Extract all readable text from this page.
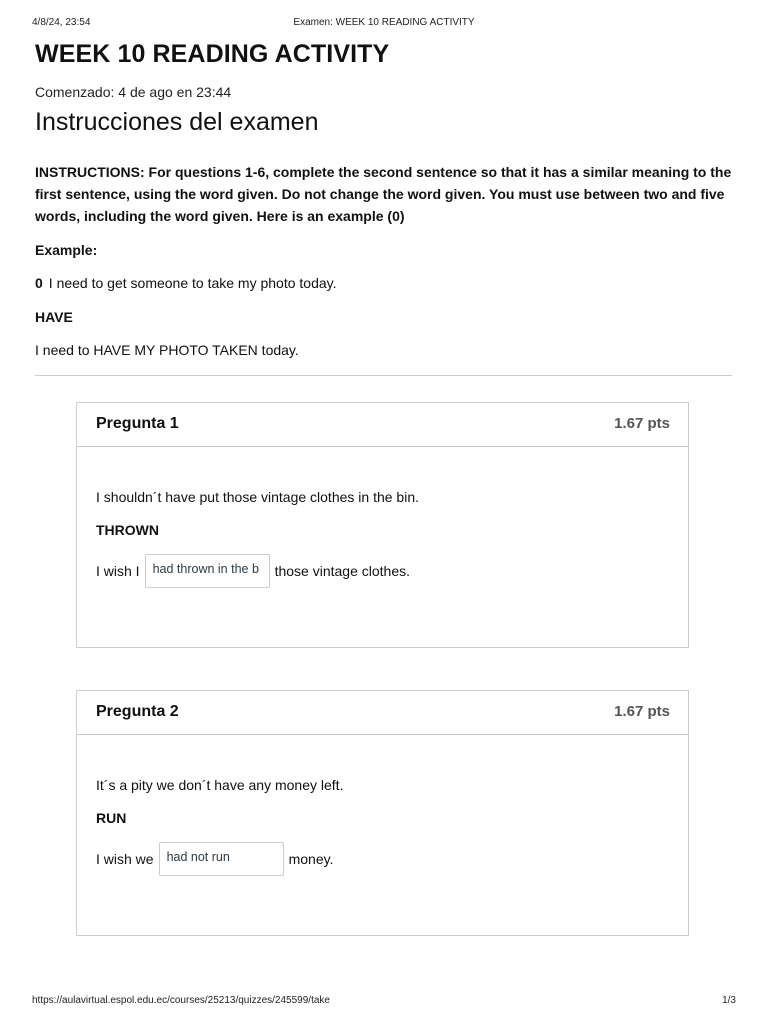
4/8/24, 23:54	Examen: WEEK 10 READING ACTIVITY
WEEK 10 READING ACTIVITY
Comenzado: 4 de ago en 23:44
Instrucciones del examen

INSTRUCTIONS: For questions 1-6, complete the second sentence so that it has a similar meaning to the first sentence, using the word given. Do not change the word given. You must use between two and five words, including the word given. Here is an example (0)

Example:
0 I need to get someone to take my photo today.
HAVE
I need to HAVE MY PHOTO TAKEN today.
Pregunta 1	1.67 pts
I shouldn´t have put those vintage clothes in the bin.
THROWN
I wish I	had thrown in the b	those vintage clothes.
Pregunta 2	1.67 pts
It´s a pity we don´t have any money left.
RUN
I wish we	had not run	money.
https://aulavirtual.espol.edu.ec/courses/25213/quizzes/245599/take	1/3
